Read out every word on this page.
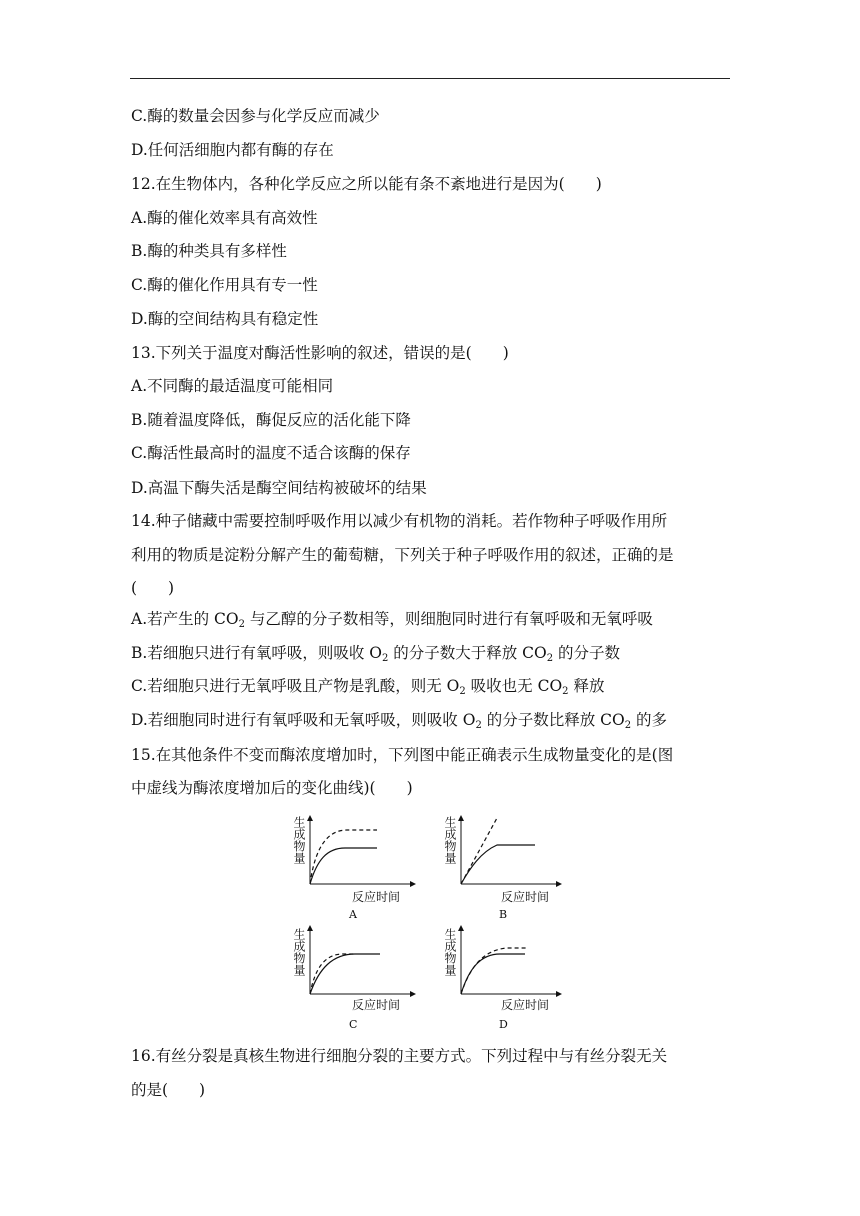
C.酶的数量会因参与化学反应而减少
D.任何活细胞内都有酶的存在
12.在生物体内，各种化学反应之所以能有条不紊地进行是因为(　　)
A.酶的催化效率具有高效性
B.酶的种类具有多样性
C.酶的催化作用具有专一性
D.酶的空间结构具有稳定性
13.下列关于温度对酶活性影响的叙述，错误的是(　　)
A.不同酶的最适温度可能相同
B.随着温度降低，酶促反应的活化能下降
C.酶活性最高时的温度不适合该酶的保存
D.高温下酶失活是酶空间结构被破坏的结果
14.种子储藏中需要控制呼吸作用以减少有机物的消耗。若作物种子呼吸作用所
利用的物质是淀粉分解产生的葡萄糖，下列关于种子呼吸作用的叙述，正确的是
(　　)
A.若产生的 $CO_2$ 与乙醇的分子数相等，则细胞同时进行有氧呼吸和无氧呼吸
B.若细胞只进行有氧呼吸，则吸收 $O_2$ 的分子数大于释放 $CO_2$ 的分子数
C.若细胞只进行无氧呼吸且产物是乳酸，则无 $O_2$ 吸收也无 $CO_2$ 释放
D.若细胞同时进行有氧呼吸和无氧呼吸，则吸收 $O_2$ 的分子数比释放 $CO_2$ 的多
15.在其他条件不变而酶浓度增加时，下列图中能正确表示生成物量变化的是(图
中虚线为酶浓度增加后的变化曲线)(　　)
生成物量
反应时间
A
生成物量
反应时间
B
生成物量
反应时间
C
生成物量
反应时间
D
16.有丝分裂是真核生物进行细胞分裂的主要方式。下列过程中与有丝分裂无关
的是(　　)
